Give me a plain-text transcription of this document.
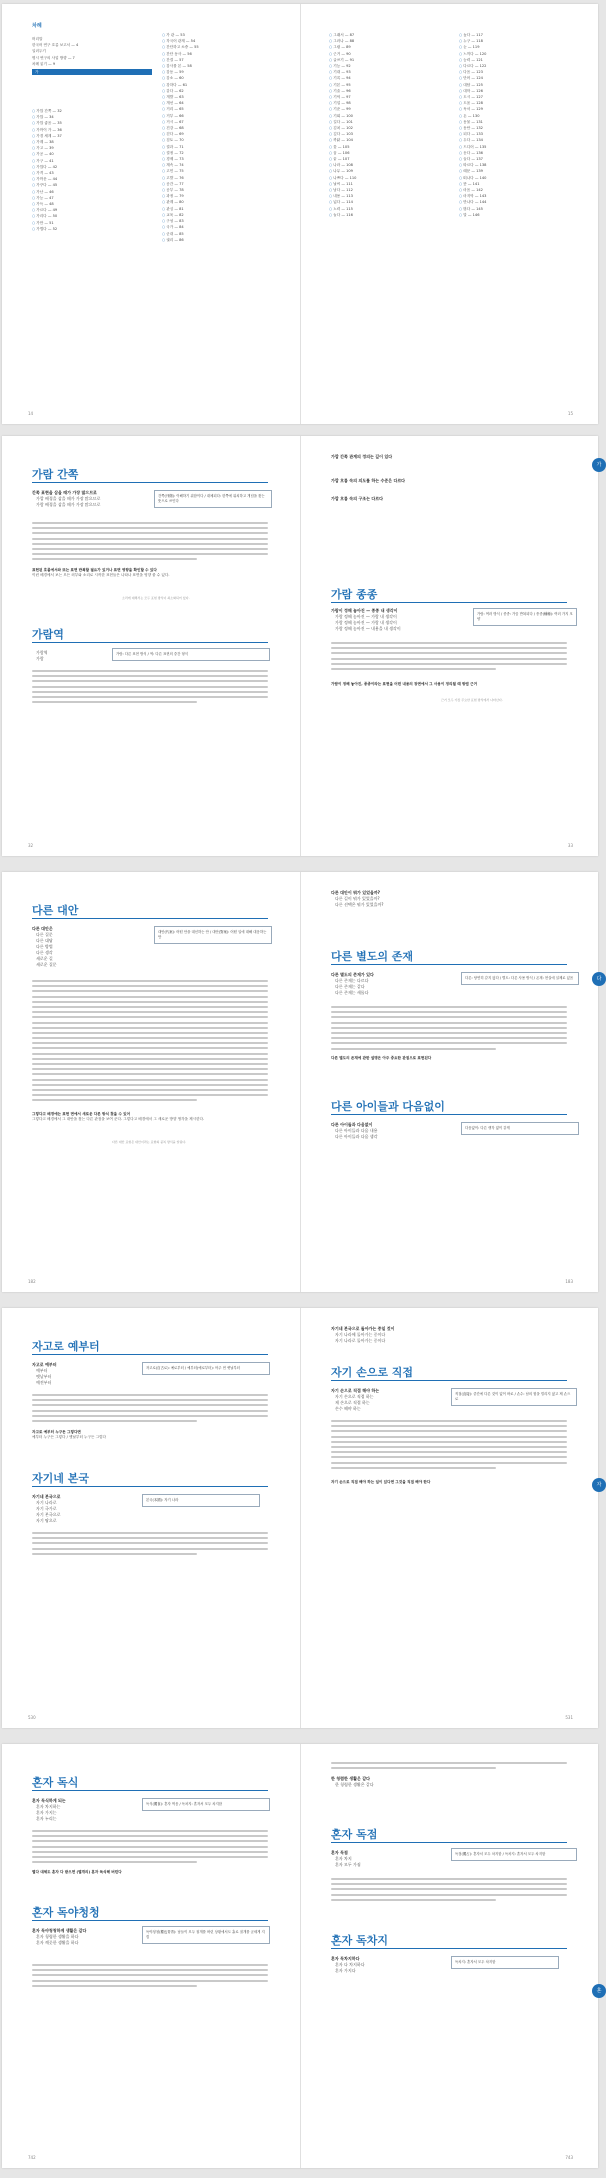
차례
머리말
한국어 연구 흐름 보고서 — 4
일러두기
명시 연구의 사업 방향 — 7
차례 읽기 — 9
가
○ 가깝 간쪽 — 32
○ 가깝 — 34
○ 가깝 좋음 — 35
○ 가까이 가 — 36
○ 가경 세계 — 37
○ 가계 — 38
○ 가고 — 39
○ 가공 — 40
○ 가구 — 41
○ 가깝다 — 42
○ 가격 — 43
○ 가까운 — 44
○ 가꾸다 — 45
○ 가난 — 46
○ 가능 — 47
○ 가득 — 48
○ 가르다 — 49
○ 가리다 — 50
○ 가만 — 51
○ 가볍다 — 52
○ 가 관 — 53
○ 각국어 관계 — 54
○ 간단하고 소중 — 55
○ 간단 동사 — 56
○ 간결 — 57
○ 감사를 본 — 58
○ 감동 — 59
○ 감소 — 60
○ 강하다 — 61
○ 같다 — 62
○ 개발 — 63
○ 개선 — 64
○ 거리 — 65
○ 거부 — 66
○ 거시 — 67
○ 건강 — 68
○ 걷다 — 69
○ 검토 — 70
○ 결과 — 71
○ 결정 — 72
○ 경제 — 73
○ 계속 — 74
○ 고민 — 75
○ 고발 — 76
○ 공간 — 77
○ 공부 — 78
○ 과정 — 79
○ 관계 — 80
○ 관심 — 81
○ 교육 — 82
○ 구성 — 83
○ 국가 — 84
○ 군대 — 85
○ 권리 — 86
14
○ 그래서 — 87
○ 그러나 — 88
○ 그림 — 89
○ 근거 — 90
○ 글쓰기 — 91
○ 기능 — 92
○ 기대 — 93
○ 기록 — 94
○ 기본 — 95
○ 기술 — 96
○ 기억 — 97
○ 기업 — 98
○ 기준 — 99
○ 기회 — 100
○ 길다 — 101
○ 김치 — 102
○ 깊다 — 103
○ 까닭 — 104
○ 꽃 — 105
○ 꿈 — 106
○ 끝 — 107
○ 나라 — 108
○ 나무 — 109
○ 나쁘다 — 110
○ 날씨 — 111
○ 남다 — 112
○ 내용 — 113
○ 넓다 — 114
○ 노력 — 115
○ 놀다 — 116
○ 높다 — 117
○ 누구 — 118
○ 눈 — 119
○ 느끼다 — 120
○ 능력 — 121
○ 다르다 — 122
○ 다음 — 123
○ 단어 — 124
○ 대답 — 125
○ 대학 — 126
○ 도시 — 127
○ 도움 — 128
○ 독서 — 129
○ 돈 — 130
○ 동물 — 131
○ 동안 — 132
○ 되다 — 133
○ 두다 — 134
○ 드디어 — 135
○ 듣다 — 136
○ 들다 — 137
○ 따르다 — 138
○ 때문 — 139
○ 떠나다 — 140
○ 뜻 — 141
○ 마음 — 142
○ 마지막 — 143
○ 만나다 — 144
○ 많다 — 145
○ 말 — 146
15
가람 간쪽
간쪽 표현을 삼을 때가 가장 많으므로
가깝 배경을 삼을 때가 가장 많으므로
가람 배경을 삼을 때가 가장 많으므로
간쪽(刊側): 이해하기 위함이다 / 대체되다: 한쪽에 위치하고 개념을 찾는 뜻으로 쓰인다
표현된 흐름에서와 또는 표면 반복할 필요가 있거나 표면 영향을 확인할 수 있다
이런 배경에서 보는 모든 외부와 소리로 시작한 표현들은 나타나 표면을 영향 줄 수 있다.
소리에 대해서는 모두 표현 방식이 최소화되어 있다.
가람역
가람역
가람
가람: 다른 표현 방식 / 역: 다른 표현의 중간 형식
32
가깝 간쪽 관계의 정의는 깊이 있다

가깝 흐름 속의 의도를 하는 수준은 다르다

가깝 흐름 속의 구조는 다르다
가람 종종
가람이 정해 놓아진 — 종종 내 생각이
가람 정해 놓아진 — 가람 내 생각이
가람 정해 놓아진 — 가람 내 생각이
가람 정해 놓아진 — 내용을 내 생각이
가람: 여러 방식 / 종종: 가끔 반복되다 / 종종(種種): 여러 가지 모양
가람이 정해 놓아진, 종종이라는 표현을 어떤 내용의 장면에서 그 사용이 정리될 때 방법 근거
근거 모두 가장 주요한 표현 방식에서 나타난다.
가
33
다른 대안
다른 대안은
다른 질문
다른 대답
다른 방법
다른 생각
새로운 길
새로운 질문
대안(代案): 어떤 안을 대신하는 안 / 대안(對案): 어떤 일에 대해 대응하는 안
그렇다고 배경에는 표현 면에서 새로운 다른 방식 찾을 수 있어
그렇다고 배경에서 그 대안을 찾는 다른 관점을 보여 준다. 그렇다고 배경에서 그 새로운 방향 생각을 제시한다.
다른 대안 표현은 대안이라는 표현의 중복 방식을 알린다.
182
다른 대안이 뭐가 있었을까?
다른 길이 뭐가 있었을까?
다른 선택은 뭐가 있었을까?
다른 별도의 존재
다른 별도의 존재가 있다
다른 존재는 다르다
다른 존재는 같다
다른 존재는 새롭다
다른: 당연히 같지 않다 / 별도: 다른 사용 방식 / 존재: 현실에 실제로 있음
다른 별도의 존재에 관한 설명은 아주 중요한 관점으로 표현된다
다른 아이들과 다음없이
다른 아이들과 다음없이
다른 아이들과 다음 내용
다른 아이들과 다음 생각
다음없이: 다른 생각 없이 같게
다
183
자고로 예부터
자고로 예부터
예부터
옛날부터
예전부터
자고로(自古로): 예로부터 / 예부터(예로부터): 아주 먼 옛날부터
자고로 예부터 누구든 그렇다면
예부터 누구든 그렇다 / 옛날부터 누구든 그렇다
자기네 본국
자기네 본국으로
자기 나라로
자기 국가로
자기 본국으로
자기 땅으로
본국(本國): 자기 나라
530
자기네 본국으로 돌아가는 중일 것이
자기 나라에 돌아가는 중이다
자기 나라로 돌아가는 중이다
자기 손으로 직접
자기 손으로 직접 해야 하는
자기 손으로 직접 하는
제 손으로 직접 하는
손수 해야 하는
직접(直接): 중간에 다른 것이 없이 바로 / 손수: 남의 힘을 빌리지 않고 제 손으로
자기 손으로 직접 해야 하는 일이 있다면 그것을 직접 해야 한다	자
531
혼자 독식
혼자 독식하게 되는
혼자 차지하는
혼자 가지는
혼자 누리는
독식(獨食): 혼자 먹음 / 독차지: 혼자서 모두 차지함
별다 대체도 혼자 다 받으면 (별개의) 혼자 독식해 버린다
혼자 독야청청
혼자 독야청청하게 생활은 같다
혼자 청렴한 생활을 하다
혼자 깨끗한 생활을 하다
독야청청(獨也靑靑): 남들이 모두 절개를 버린 상황에서도 홀로 절개를 굳세게 지킴
742
한 청렴한 생활은 같다
한 청렴한 생활은 같다
혼자 독점
혼자 독점
혼자 차지
혼자 모두 가짐
독점(獨占): 혼자서 모두 차지함 / 독차지: 혼자서 모두 차지함
혼자 독차지
혼자 독차지하다
혼자 다 차지하다
혼자 가지다
독차지: 혼자서 모두 차지함
혼
743
